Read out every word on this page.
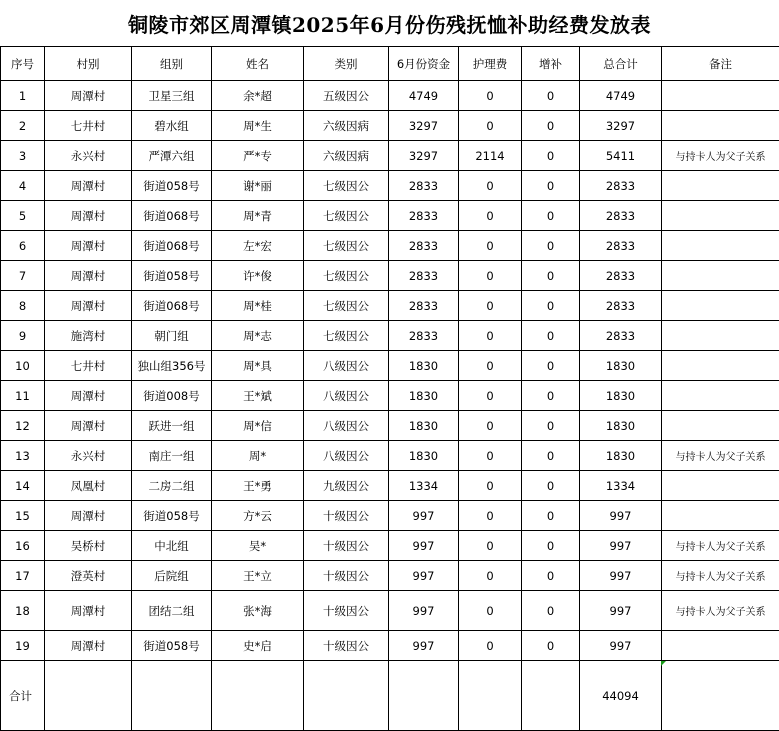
铜陵市郊区周潭镇2025年6月份伤残抚恤补助经费发放表
序号	村别	组别	姓名	类别	6月份资金	护理费	增补	总合计	备注
1	周潭村	卫星三组	余*超	五级因公	4749	0	0	4749	
2	七井村	碧水组	周*生	六级因病	3297	0	0	3297	
3	永兴村	严潭六组	严*专	六级因病	3297	2114	0	5411	与持卡人为父子关系
4	周潭村	街道058号	谢*丽	七级因公	2833	0	0	2833	
5	周潭村	街道068号	周*青	七级因公	2833	0	0	2833	
6	周潭村	街道068号	左*宏	七级因公	2833	0	0	2833	
7	周潭村	街道058号	许*俊	七级因公	2833	0	0	2833	
8	周潭村	街道068号	周*桂	七级因公	2833	0	0	2833	
9	施湾村	朝门组	周*志	七级因公	2833	0	0	2833	
10	七井村	独山组356号	周*具	八级因公	1830	0	0	1830	
11	周潭村	街道008号	王*斌	八级因公	1830	0	0	1830	
12	周潭村	跃进一组	周*信	八级因公	1830	0	0	1830	
13	永兴村	南庄一组	周*	八级因公	1830	0	0	1830	与持卡人为父子关系
14	凤凰村	二房二组	王*勇	九级因公	1334	0	0	1334	
15	周潭村	街道058号	方*云	十级因公	997	0	0	997	
16	吴桥村	中北组	吴*	十级因公	997	0	0	997	与持卡人为父子关系
17	澄英村	后院组	王*立	十级因公	997	0	0	997	与持卡人为父子关系
18	周潭村	团结二组	张*海	十级因公	997	0	0	997	与持卡人为父子关系
19	周潭村	街道058号	史*启	十级因公	997	0	0	997	
合计								44094	
